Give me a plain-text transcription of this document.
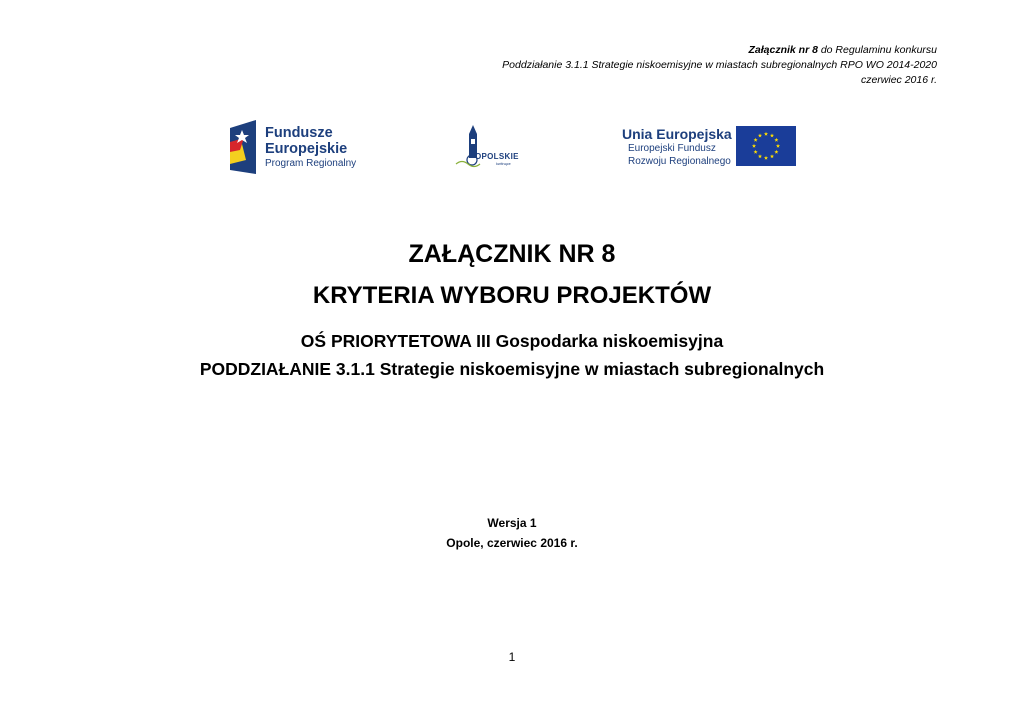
Załącznik nr 8 do Regulaminu konkursu
Poddziałanie 3.1.1 Strategie niskoemisyjne w miastach subregionalnych RPO WO 2014-2020
czerwiec 2016 r.
Fundusze
Europejskie
Program Regionalny
OPOLSKIE
kwitnące
Unia Europejska
Europejski Fundusz
Rozwoju Regionalnego
ZAŁĄCZNIK NR 8
KRYTERIA WYBORU PROJEKTÓW
OŚ PRIORYTETOWA III Gospodarka niskoemisyjna
PODDZIAŁANIE 3.1.1 Strategie niskoemisyjne w miastach subregionalnych
Wersja 1
Opole, czerwiec 2016 r.
1
